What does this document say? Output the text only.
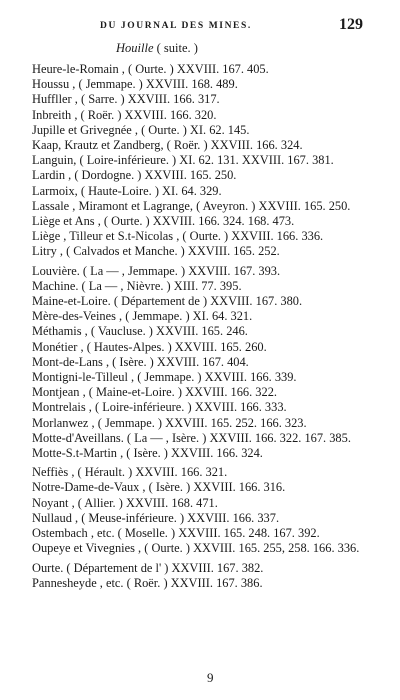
DU JOURNAL DES MINES.	129
Houille ( suite. )
Heure-le-Romain , ( Ourte. ) XXVIII. 167. 405.
Houssu , ( Jemmape. ) XXVIII. 168. 489.
Huffller , ( Sarre. ) XXVIII. 166. 317.
Inbreith , ( Roër. ) XXVIII. 166. 320.
Jupille et Grivegnée , ( Ourte. ) XI. 62. 145.
Kaap, Krautz et Zandberg, ( Roër. ) XXVIII. 166. 324.
Languin, ( Loire-inférieure. ) XI. 62. 131. XXVIII. 167. 381.
Lardin , ( Dordogne. ) XXVIII. 165. 250.
Larmoix, ( Haute-Loire. ) XI. 64. 329.
Lassale , Miramont et Lagrange, ( Aveyron. ) XXVIII. 165. 250.
Liège et Ans , ( Ourte. ) XXVIII. 166. 324. 168. 473.
Liège , Tilleur et S.t-Nicolas , ( Ourte. ) XXVIII. 166. 336.
Litry , ( Calvados et Manche. ) XXVIII. 165. 252.
Louvière. ( La — , Jemmape. ) XXVIII. 167. 393.
Machine. ( La — , Nièvre. ) XIII. 77. 395.
Maine-et-Loire. ( Département de ) XXVIII. 167. 380.
Mère-des-Veines , ( Jemmape. ) XI. 64. 321.
Méthamis , ( Vaucluse. ) XXVIII. 165. 246.
Monétier , ( Hautes-Alpes. ) XXVIII. 165. 260.
Mont-de-Lans , ( Isère. ) XXVIII. 167. 404.
Montigni-le-Tilleul , ( Jemmape. ) XXVIII. 166. 339.
Montjean , ( Maine-et-Loire. ) XXVIII. 166. 322.
Montrelais , ( Loire-inférieure. ) XXVIII. 166. 333.
Morlanwez , ( Jemmape. ) XXVIII. 165. 252. 166. 323.
Motte-d'Aveillans. ( La — , Isère. ) XXVIII. 166. 322. 167. 385.
Motte-S.t-Martin , ( Isère. ) XXVIII. 166. 324.
Neffiès , ( Hérault. ) XXVIII. 166. 321.
Notre-Dame-de-Vaux , ( Isère. ) XXVIII. 166. 316.
Noyant , ( Allier. ) XXVIII. 168. 471.
Nullaud , ( Meuse-inférieure. ) XXVIII. 166. 337.
Ostembach , etc. ( Moselle. ) XXVIII. 165. 248. 167. 392.
Oupeye et Vivegnies , ( Ourte. ) XXVIII. 165. 255, 258. 166. 336.
Ourte. ( Département de l' ) XXVIII. 167. 382.
Pannesheyde , etc. ( Roër. ) XXVIII. 167. 386.
9
